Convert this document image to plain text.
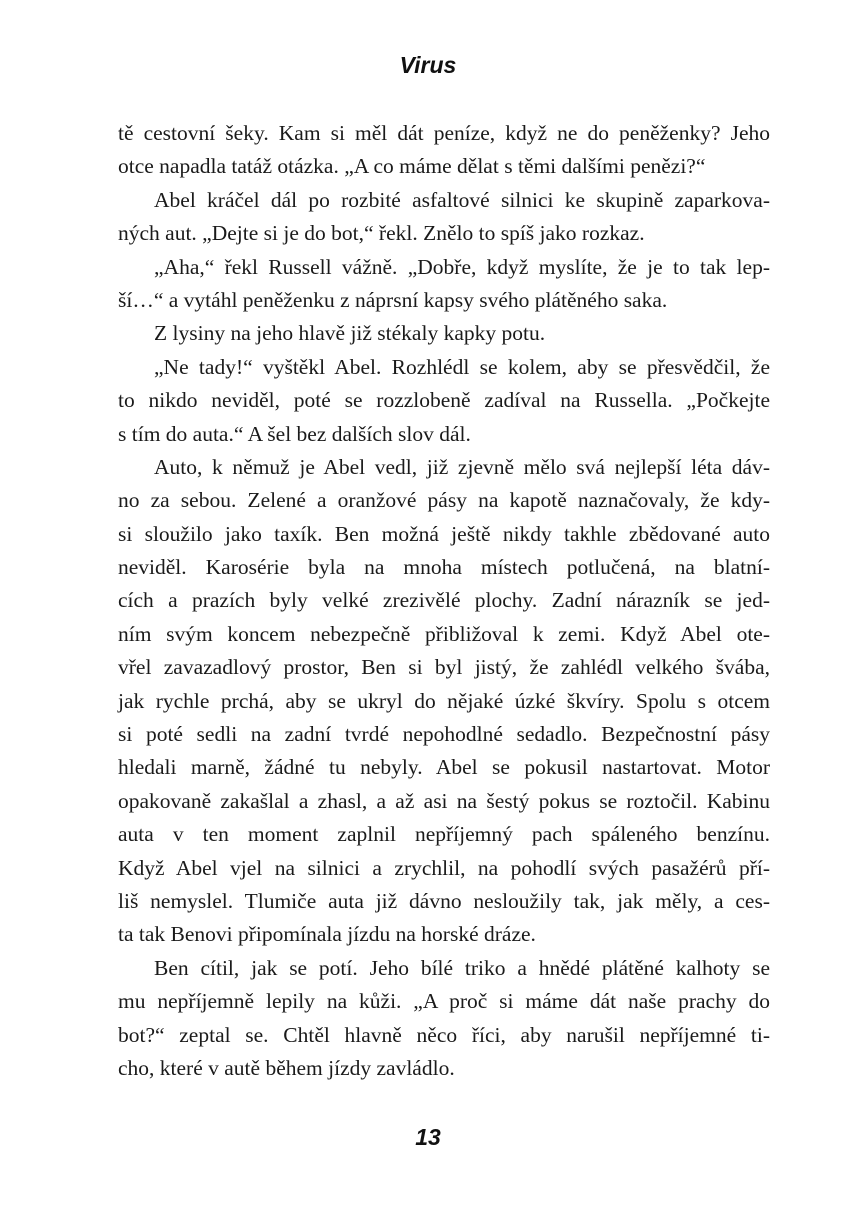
Virus
tě cestovní šeky. Kam si měl dát peníze, když ne do peněženky? Jeho
otce napadla tatáž otázka. „A co máme dělat s těmi dalšími penězi?“
Abel kráčel dál po rozbité asfaltové silnici ke skupině zaparkova-
ných aut. „Dejte si je do bot,“ řekl. Znělo to spíš jako rozkaz.
„Aha,“ řekl Russell vážně. „Dobře, když myslíte, že je to tak lep-
ší…“ a vytáhl peněženku z náprsní kapsy svého plátěného saka.
Z lysiny na jeho hlavě již stékaly kapky potu.
„Ne tady!“ vyštěkl Abel. Rozhlédl se kolem, aby se přesvědčil, že
to nikdo neviděl, poté se rozzlobeně zadíval na Russella. „Počkejte
s tím do auta.“ A šel bez dalších slov dál.
Auto, k němuž je Abel vedl, již zjevně mělo svá nejlepší léta dáv-
no za sebou. Zelené a oranžové pásy na kapotě naznačovaly, že kdy-
si sloužilo jako taxík. Ben možná ještě nikdy takhle zbědované auto
neviděl. Karosérie byla na mnoha místech potlučená, na blatní-
cích a prazích byly velké zrezivělé plochy. Zadní nárazník se jed-
ním svým koncem nebezpečně přibližoval k zemi. Když Abel ote-
vřel zavazadlový prostor, Ben si byl jistý, že zahlédl velkého švába,
jak rychle prchá, aby se ukryl do nějaké úzké škvíry. Spolu s otcem
si poté sedli na zadní tvrdé nepohodlné sedadlo. Bezpečnostní pásy
hledali marně, žádné tu nebyly. Abel se pokusil nastartovat. Motor
opakovaně zakašlal a zhasl, a až asi na šestý pokus se roztočil. Kabinu
auta v ten moment zaplnil nepříjemný pach spáleného benzínu.
Když Abel vjel na silnici a zrychlil, na pohodlí svých pasažérů pří-
liš nemyslel. Tlumiče auta již dávno nesloužily tak, jak měly, a ces-
ta tak Benovi připomínala jízdu na horské dráze.
Ben cítil, jak se potí. Jeho bílé triko a hnědé plátěné kalhoty se
mu nepříjemně lepily na kůži. „A proč si máme dát naše prachy do
bot?“ zeptal se. Chtěl hlavně něco říci, aby narušil nepříjemné ti-
cho, které v autě během jízdy zavládlo.
13
